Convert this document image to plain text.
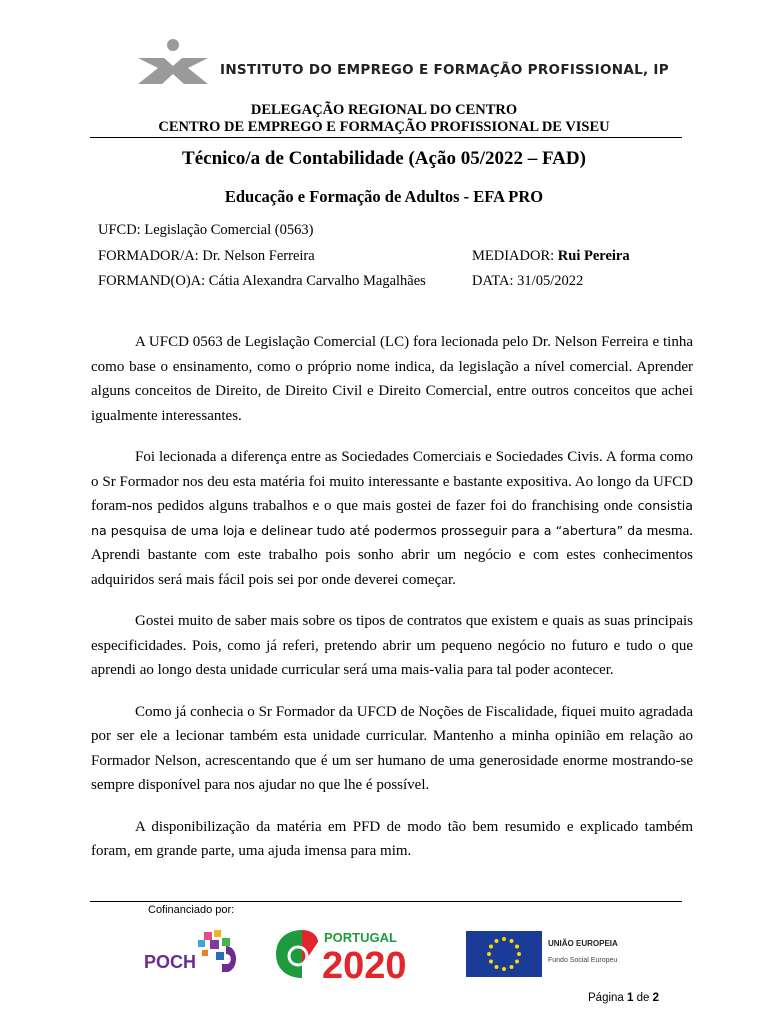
INSTITUTO DO EMPREGO E FORMAÇÃO PROFISSIONAL, IP
DELEGAÇÃO REGIONAL DO CENTRO
CENTRO DE EMPREGO E FORMAÇÃO PROFISSIONAL DE VISEU
Técnico/a de Contabilidade (Ação 05/2022 – FAD)
Educação e Formação de Adultos - EFA PRO
UFCD: Legislação Comercial (0563)
FORMADOR/A: Dr. Nelson Ferreira	MEDIADOR: Rui Pereira
FORMAND(O)A: Cátia Alexandra Carvalho Magalhães	DATA: 31/05/2022

A UFCD 0563 de Legislação Comercial (LC) fora lecionada pelo Dr. Nelson Ferreira e tinha como base o ensinamento, como o próprio nome indica, da legislação a nível comercial. Aprender alguns conceitos de Direito, de Direito Civil e Direito Comercial, entre outros conceitos que achei igualmente interessantes.

Foi lecionada a diferença entre as Sociedades Comerciais e Sociedades Civis. A forma como o Sr Formador nos deu esta matéria foi muito interessante e bastante expositiva. Ao longo da UFCD foram-nos pedidos alguns trabalhos e o que mais gostei de fazer foi do franchising onde consistia na pesquisa de uma loja e delinear tudo até podermos prosseguir para a “abertura” da mesma. Aprendi bastante com este trabalho pois sonho abrir um negócio e com estes conhecimentos adquiridos será mais fácil pois sei por onde deverei começar.

Gostei muito de saber mais sobre os tipos de contratos que existem e quais as suas principais especificidades. Pois, como já referi, pretendo abrir um pequeno negócio no futuro e tudo o que aprendi ao longo desta unidade curricular será uma mais-valia para tal poder acontecer.

Como já conhecia o Sr Formador da UFCD de Noções de Fiscalidade, fiquei muito agradada por ser ele a lecionar também esta unidade curricular. Mantenho a minha opinião em relação ao Formador Nelson, acrescentando que é um ser humano de uma generosidade enorme mostrando-se sempre disponível para nos ajudar no que lhe é possível.

A disponibilização da matéria em PFD de modo tão bem resumido e explicado também foram, em grande parte, uma ajuda imensa para mim.

Cofinanciado por:
POCH
PORTUGAL
2020
UNIÃO EUROPEIA
Fundo Social Europeu
Página 1 de 2
